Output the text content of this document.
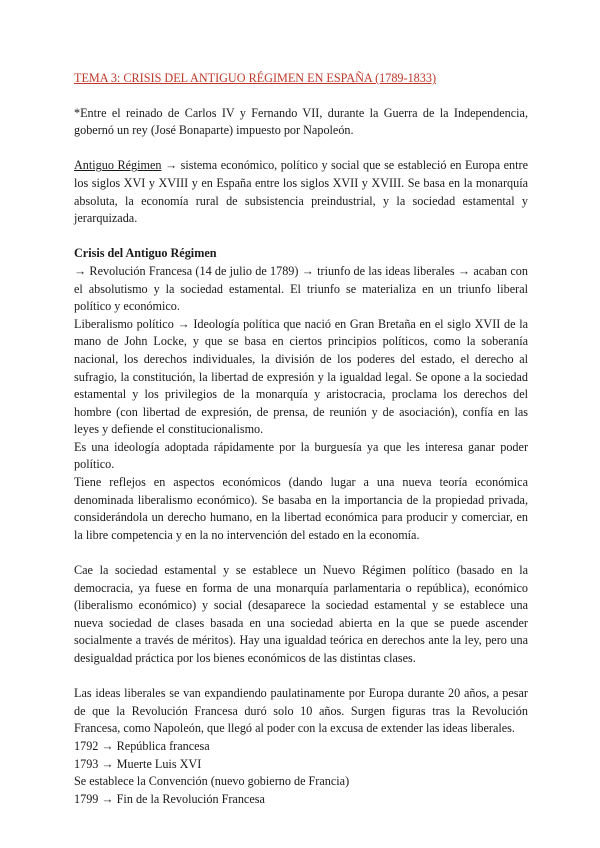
TEMA 3: CRISIS DEL ANTIGUO RÉGIMEN EN ESPAÑA (1789-1833)

*Entre el reinado de Carlos IV y Fernando VII, durante la Guerra de la Independencia, gobernó un rey (José Bonaparte) impuesto por Napoleón.

Antiguo Régimen → sistema económico, político y social que se estableció en Europa entre los siglos XVI y XVIII y en España entre los siglos XVII y XVIII. Se basa en la monarquía absoluta, la economía rural de subsistencia preindustrial, y la sociedad estamental y jerarquizada.

Crisis del Antiguo Régimen

→ Revolución Francesa (14 de julio de 1789) → triunfo de las ideas liberales → acaban con el absolutismo y la sociedad estamental. El triunfo se materializa en un triunfo liberal político y económico.

Liberalismo político → Ideología política que nació en Gran Bretaña en el siglo XVII de la mano de John Locke, y que se basa en ciertos principios políticos, como la soberanía nacional, los derechos individuales, la división de los poderes del estado, el derecho al sufragio, la constitución, la libertad de expresión y la igualdad legal. Se opone a la sociedad estamental y los privilegios de la monarquía y aristocracia, proclama los derechos del hombre (con libertad de expresión, de prensa, de reunión y de asociación), confía en las leyes y defiende el constitucionalismo.

Es una ideología adoptada rápidamente por la burguesía ya que les interesa ganar poder político.

Tiene reflejos en aspectos económicos (dando lugar a una nueva teoría económica denominada liberalismo económico). Se basaba en la importancia de la propiedad privada, considerándola un derecho humano, en la libertad económica para producir y comerciar, en la libre competencia y en la no intervención del estado en la economía.

Cae la sociedad estamental y se establece un Nuevo Régimen político (basado en la democracia, ya fuese en forma de una monarquía parlamentaria o república), económico (liberalismo económico) y social (desaparece la sociedad estamental y se establece una nueva sociedad de clases basada en una sociedad abierta en la que se puede ascender socialmente a través de méritos). Hay una igualdad teórica en derechos ante la ley, pero una desigualdad práctica por los bienes económicos de las distintas clases.

Las ideas liberales se van expandiendo paulatinamente por Europa durante 20 años, a pesar de que la Revolución Francesa duró solo 10 años. Surgen figuras tras la Revolución Francesa, como Napoleón, que llegó al poder con la excusa de extender las ideas liberales.

1792 → República francesa

1793 → Muerte Luis XVI

Se establece la Convención (nuevo gobierno de Francia)

1799 → Fin de la Revolución Francesa
